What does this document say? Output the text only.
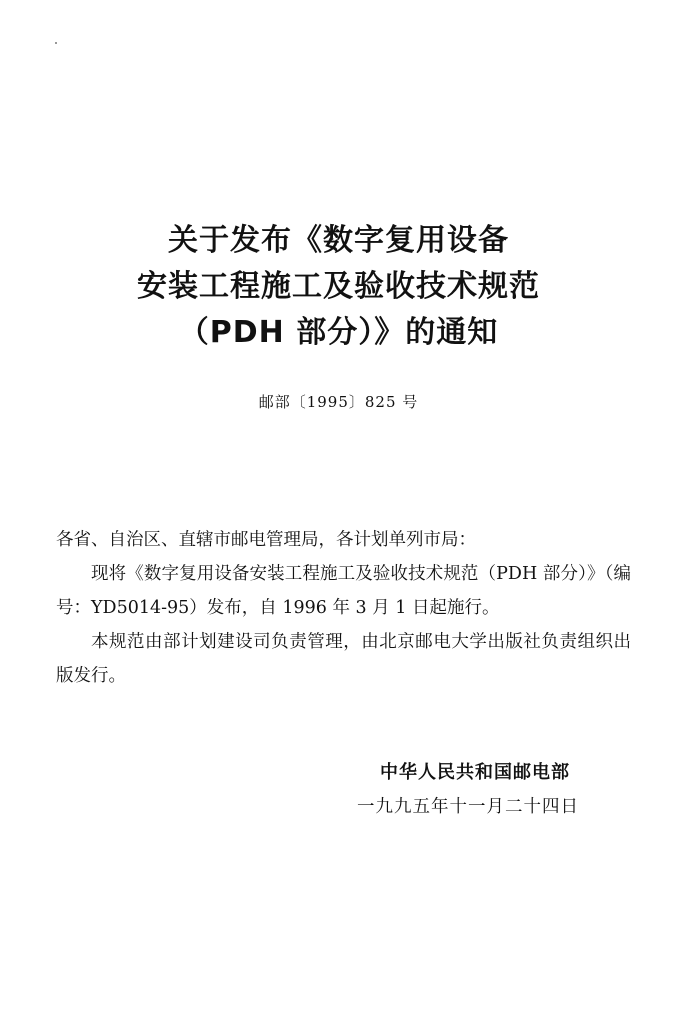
关于发布《数字复用设备
安装工程施工及验收技术规范
（PDH 部分）》的通知
邮部〔1995〕825 号

各省、自治区、直辖市邮电管理局，各计划单列市局：

现将《数字复用设备安装工程施工及验收技术规范（PDH 部分）》（编号：YD5014-95）发布，自 1996 年 3 月 1 日起施行。

本规范由部计划建设司负责管理，由北京邮电大学出版社负责组织出版发行。

中华人民共和国邮电部
一九九五年十一月二十四日
